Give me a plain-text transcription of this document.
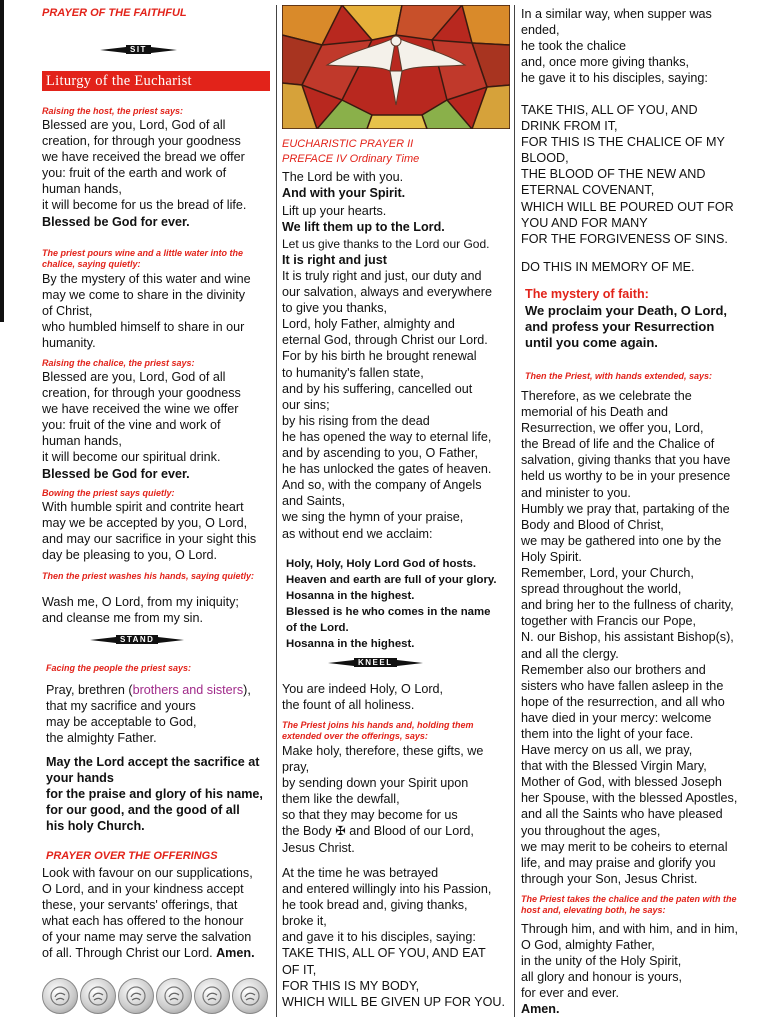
PRAYER OF THE FAITHFUL
SIT
Liturgy of the Eucharist
Raising the host, the priest says:
Blessed are you, Lord, God of all
creation, for through your goodness
we have received the bread we offer
you: fruit of the earth and work of
human hands,
it will become for us the bread of life.
Blessed be God for ever.
The priest pours wine and a little water into the chalice, saying quietly:
By the mystery of this water and wine
may we come to share in the divinity
of Christ,
who humbled himself to share in our
humanity.
Raising the chalice, the priest says:
Blessed are you, Lord, God of all
creation, for through your goodness
we have received the wine we offer
you: fruit of the vine and work of
human hands,
it will become our spiritual drink.
Blessed be God for ever.
Bowing the priest says quietly:
With humble spirit and contrite heart
may we be accepted by you, O Lord,
and may our sacrifice in your sight this
day be pleasing to you, O Lord.
Then the priest washes his hands, saying quietly:
Wash me, O Lord, from my iniquity;
and cleanse me from my sin.
STAND
Facing the people the priest says:
Pray, brethren (brothers and sisters),
that my sacrifice and yours
may be acceptable to God,
the almighty Father.
May the Lord accept the sacrifice at
your hands
for the praise and glory of his name,
for our good, and the good of all
his holy Church.
PRAYER OVER THE OFFERINGS
Look with favour on our supplications,
O Lord, and in your kindness accept
these, your servants' offerings, that
what each has offered to the honour
of your name may serve the salvation
of all. Through Christ our Lord. Amen.
EUCHARISTIC PRAYER II
PREFACE IV Ordinary Time
The Lord be with you.
And with your Spirit.
Lift up your hearts.
We lift them up to the Lord.
Let us give thanks to the Lord our God.
It is right and just
It is truly right and just, our duty and
our salvation, always and everywhere
to give you thanks,
Lord, holy Father, almighty and
eternal God, through Christ our Lord.
For by his birth he brought renewal
to humanity's fallen state,
and by his suffering, cancelled out
our sins;
by his rising from the dead
he has opened the way to eternal life,
and by ascending to you, O Father,
he has unlocked the gates of heaven.
And so, with the company of Angels
and Saints,
we sing the hymn of your praise,
as without end we acclaim:
Holy, Holy, Holy Lord God of hosts.
Heaven and earth are full of your glory.
Hosanna in the highest.
Blessed is he who comes in the name
of the Lord.
Hosanna in the highest.
KNEEL
You are indeed Holy, O Lord,
the fount of all holiness.
The Priest joins his hands and, holding them extended over the offerings, says:
Make holy, therefore, these gifts, we
pray,
by sending down your Spirit upon
them like the dewfall,
so that they may become for us
the Body ✠ and Blood of our Lord,
Jesus Christ.
At the time he was betrayed
and entered willingly into his Passion,
he took bread and, giving thanks,
broke it,
and gave it to his disciples, saying:
TAKE THIS, ALL OF YOU, AND EAT
OF IT,
FOR THIS IS MY BODY,
WHICH WILL BE GIVEN UP FOR YOU.
In a similar way, when supper was
ended,
he took the chalice
and, once more giving thanks,
he gave it to his disciples, saying:
TAKE THIS, ALL OF YOU, AND
DRINK FROM IT,
FOR THIS IS THE CHALICE OF MY
BLOOD,
THE BLOOD OF THE NEW AND
ETERNAL COVENANT,
WHICH WILL BE POURED OUT FOR
YOU AND FOR MANY
FOR THE FORGIVENESS OF SINS.
DO THIS IN MEMORY OF ME.
The mystery of faith:
We proclaim your Death, O Lord,
and profess your Resurrection
until you come again.
Then the Priest, with hands extended, says:
Therefore, as we celebrate the
memorial of his Death and
Resurrection, we offer you, Lord,
the Bread of life and the Chalice of
salvation, giving thanks that you have
held us worthy to be in your presence
and minister to you.
Humbly we pray that, partaking of the
Body and Blood of Christ,
we may be gathered into one by the
Holy Spirit.
Remember, Lord, your Church,
spread throughout the world,
and bring her to the fullness of charity,
together with Francis our Pope,
N. our Bishop, his assistant Bishop(s),
and all the clergy.
Remember also our brothers and
sisters who have fallen asleep in the
hope of the resurrection, and all who
have died in your mercy: welcome
them into the light of your face.
Have mercy on us all, we pray,
that with the Blessed Virgin Mary,
Mother of God, with blessed Joseph
her Spouse, with the blessed Apostles,
and all the Saints who have pleased
you throughout the ages,
we may merit to be coheirs to eternal
life, and may praise and glorify you
through your Son, Jesus Christ.
The Priest takes the chalice and the paten with the host and, elevating both, he says:
Through him, and with him, and in him,
O God, almighty Father,
in the unity of the Holy Spirit,
all glory and honour is yours,
for ever and ever.
Amen.
